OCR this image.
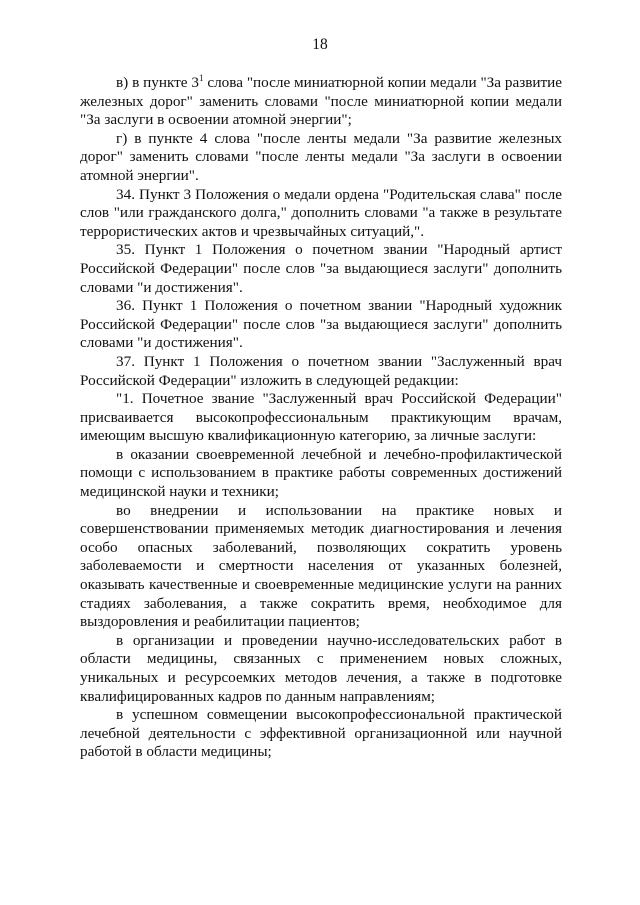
18

в) в пункте $3^1$ слова "после миниатюрной копии медали "За развитие железных дорог" заменить словами "после миниатюрной копии медали "За заслуги в освоении атомной энергии";

г) в пункте 4 слова "после ленты медали "За развитие железных дорог" заменить словами "после ленты медали "За заслуги в освоении атомной энергии".

34. Пункт 3 Положения о медали ордена "Родительская слава" после слов "или гражданского долга," дополнить словами "а также в результате террористических актов и чрезвычайных ситуаций,".

35. Пункт 1 Положения о почетном звании "Народный артист Российской Федерации" после слов "за выдающиеся заслуги" дополнить словами "и достижения".

36. Пункт 1 Положения о почетном звании "Народный художник Российской Федерации" после слов "за выдающиеся заслуги" дополнить словами "и достижения".

37. Пункт 1 Положения о почетном звании "Заслуженный врач Российской Федерации" изложить в следующей редакции:

"1. Почетное звание "Заслуженный врач Российской Федерации" присваивается высокопрофессиональным практикующим врачам, имеющим высшую квалификационную категорию, за личные заслуги:

в оказании своевременной лечебной и лечебно-профилактической помощи с использованием в практике работы современных достижений медицинской науки и техники;

во внедрении и использовании на практике новых и совершенствовании применяемых методик диагностирования и лечения особо опасных заболеваний, позволяющих сократить уровень заболеваемости и смертности населения от указанных болезней, оказывать качественные и своевременные медицинские услуги на ранних стадиях заболевания, а также сократить время, необходимое для выздоровления и реабилитации пациентов;

в организации и проведении научно-исследовательских работ в области медицины, связанных с применением новых сложных, уникальных и ресурсоемких методов лечения, а также в подготовке квалифицированных кадров по данным направлениям;

в успешном совмещении высокопрофессиональной практической лечебной деятельности с эффективной организационной или научной работой в области медицины;
